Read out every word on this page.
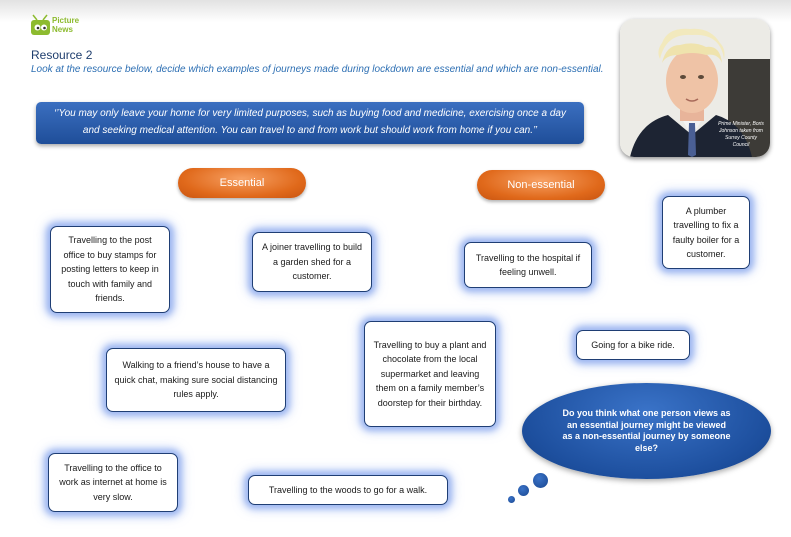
Picture
News
Resource 2
Look at the resource below, decide which examples of journeys made during lockdown are essential and which are non-essential.
Prime Minister, Boris Johnson taken from Surrey County Council
‘’You may only leave your home for very limited purposes, such as buying food and medicine, exercising once a day and seeking medical attention. You can travel to and from work but should work from home if you can.’’
Essential	Non-essential
Travelling to the post office to buy stamps for posting letters to keep in touch with family and friends.
A joiner travelling to build a garden shed for a customer.
Travelling to the hospital if feeling unwell.
A plumber travelling to fix a faulty boiler for a customer.
Walking to a friend’s house to have a quick chat, making sure social distancing rules apply.
Travelling to buy a plant and chocolate from the local supermarket and leaving them on a family member’s doorstep for their birthday.
Going for a bike ride.
Travelling to the office to work as internet at home is very slow.
Travelling to the woods to go for a walk.
Do you think what one person views as an essential journey might be viewed as a non-essential journey by someone else?
